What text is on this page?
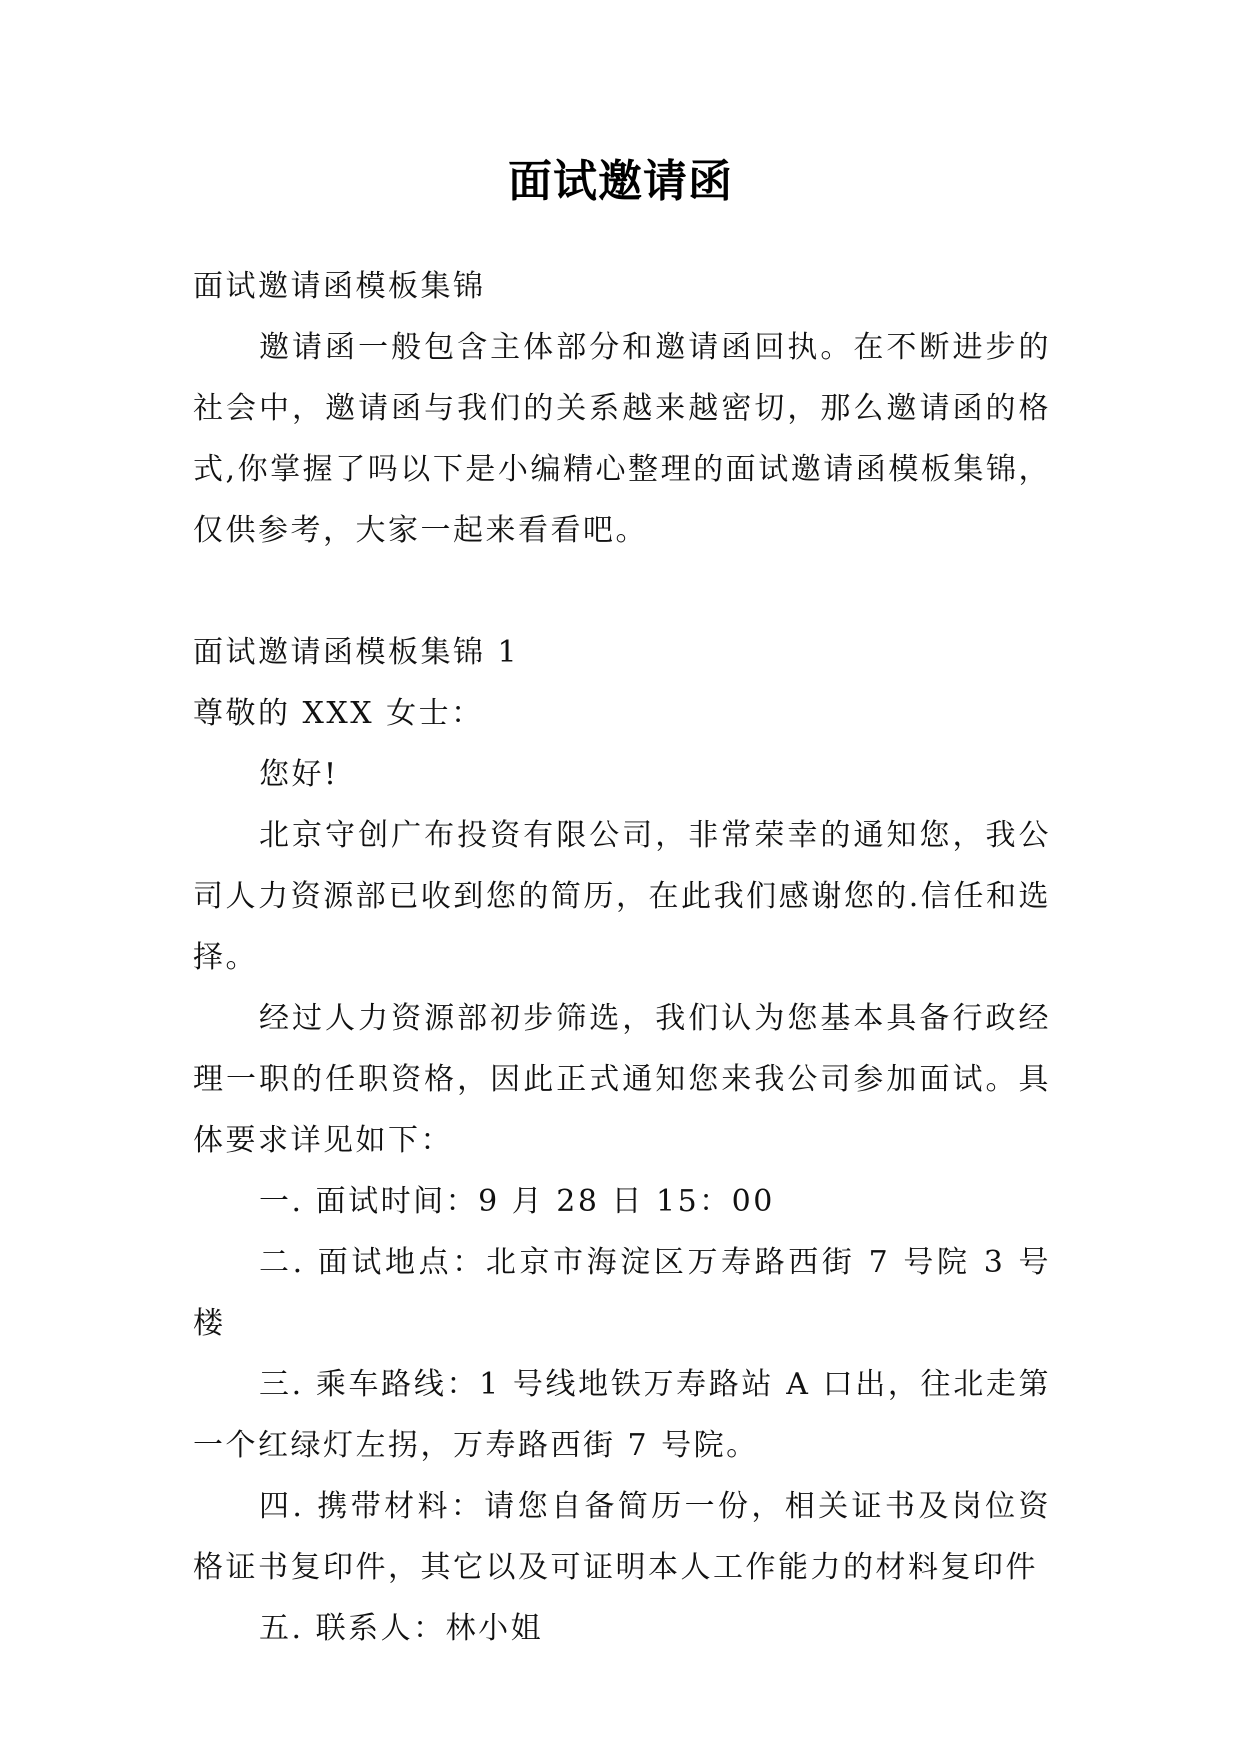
面试邀请函

面试邀请函模板集锦

邀请函一般包含主体部分和邀请函回执。在不断进步的社会中，邀请函与我们的关系越来越密切，那么邀请函的格式,你掌握了吗以下是小编精心整理的面试邀请函模板集锦，仅供参考，大家一起来看看吧。

面试邀请函模板集锦 1

尊敬的 XXX 女士：

您好!

北京守创广布投资有限公司，非常荣幸的通知您，我公司人力资源部已收到您的简历，在此我们感谢您的.信任和选择。

经过人力资源部初步筛选，我们认为您基本具备行政经理一职的任职资格，因此正式通知您来我公司参加面试。具体要求详见如下：

一. 面试时间：9 月 28 日 15：00

二. 面试地点：北京市海淀区万寿路西街 7 号院 3 号楼

三. 乘车路线：1 号线地铁万寿路站 A 口出，往北走第一个红绿灯左拐，万寿路西街 7 号院。

四. 携带材料：请您自备简历一份，相关证书及岗位资格证书复印件，其它以及可证明本人工作能力的材料复印件

五. 联系人：林小姐
